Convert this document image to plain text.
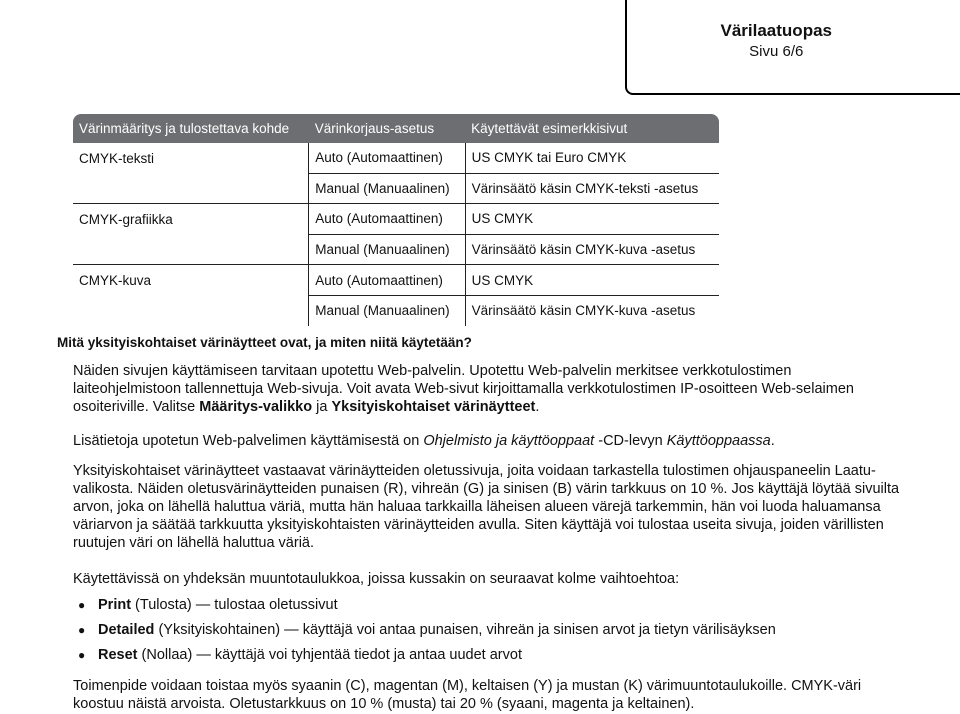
Värilaatuopas
Sivu 6/6
Värinmääritys ja tulostettava kohde	Värinkorjaus-asetus	Käytettävät esimerkkisivut
CMYK-teksti	Auto (Automaattinen)	US CMYK tai Euro CMYK
	Manual (Manuaalinen)	Värinsäätö käsin CMYK-teksti -asetus
CMYK-grafiikka	Auto (Automaattinen)	US CMYK
	Manual (Manuaalinen)	Värinsäätö käsin CMYK-kuva -asetus
CMYK-kuva	Auto (Automaattinen)	US CMYK
	Manual (Manuaalinen)	Värinsäätö käsin CMYK-kuva -asetus
Mitä yksityiskohtaiset värinäytteet ovat, ja miten niitä käytetään?
Näiden sivujen käyttämiseen tarvitaan upotettu Web-palvelin. Upotettu Web-palvelin merkitsee verkkotulostimen laiteohjelmistoon tallennettuja Web-sivuja. Voit avata Web-sivut kirjoittamalla verkkotulostimen IP-osoitteen Web-selaimen osoiteriville. Valitse Määritys-valikko ja Yksityiskohtaiset värinäytteet.
Lisätietoja upotetun Web-palvelimen käyttämisestä on Ohjelmisto ja käyttöoppaat -CD-levyn Käyttöoppaassa.
Yksityiskohtaiset värinäytteet vastaavat värinäytteiden oletussivuja, joita voidaan tarkastella tulostimen ohjauspaneelin Laatu-valikosta. Näiden oletusvärinäytteiden punaisen (R), vihreän (G) ja sinisen (B) värin tarkkuus on 10 %. Jos käyttäjä löytää sivuilta arvon, joka on lähellä haluttua väriä, mutta hän haluaa tarkkailla läheisen alueen värejä tarkemmin, hän voi luoda haluamansa väriarvon ja säätää tarkkuutta yksityiskohtaisten värinäytteiden avulla. Siten käyttäjä voi tulostaa useita sivuja, joiden värillisten ruutujen väri on lähellä haluttua väriä.
Käytettävissä on yhdeksän muuntotaulukkoa, joissa kussakin on seuraavat kolme vaihtoehtoa:
● Print (Tulosta) — tulostaa oletussivut
● Detailed (Yksityiskohtainen) — käyttäjä voi antaa punaisen, vihreän ja sinisen arvot ja tietyn värilisäyksen
● Reset (Nollaa) — käyttäjä voi tyhjentää tiedot ja antaa uudet arvot
Toimenpide voidaan toistaa myös syaanin (C), magentan (M), keltaisen (Y) ja mustan (K) värimuuntotaulukoille. CMYK-väri koostuu näistä arvoista. Oletustarkkuus on 10 % (musta) tai 20 % (syaani, magenta ja keltainen).
